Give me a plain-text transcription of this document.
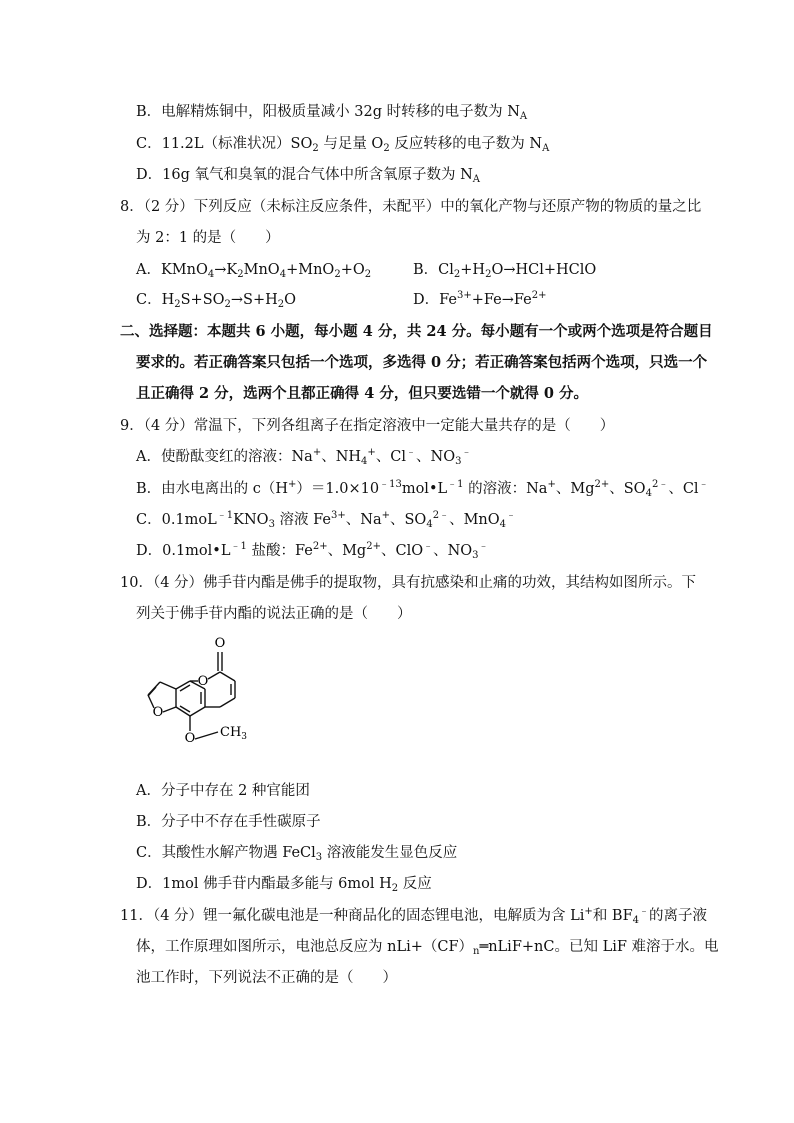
B．电解精炼铜中，阳极质量减小 32g 时转移的电子数为 $N_A$
C．11.2L（标准状况）$SO_2$ 与足量 $O_2$ 反应转移的电子数为 $N_A$
D．16g 氧气和臭氧的混合气体中所含氧原子数为 $N_A$
8．（2 分）下列反应（未标注反应条件，未配平）中的氧化产物与还原产物的物质的量之比
为 2：1 的是（　　）
A．$KMnO_4\to K_2MnO_4+MnO_2+O_2$	B．$Cl_2+H_2O\to HCl+HClO$
C．$H_2S+SO_2\to S+H_2O$	D．$Fe^{3+}+Fe\to Fe^{2+}$
二、选择题：本题共 6 小题，每小题 4 分，共 24 分。每小题有一个或两个选项是符合题目
要求的。若正确答案只包括一个选项，多选得 0 分；若正确答案包括两个选项，只选一个
且正确得 2 分，选两个且都正确得 4 分，但只要选错一个就得 0 分。
9．（4 分）常温下，下列各组离子在指定溶液中一定能大量共存的是（　　）
A．使酚酞变红的溶液：Na+、$NH_4^+$、Cl﹣、$NO_3^﹣$
B．由水电离出的 $c(H^+)=1.0\times 10^{﹣13}mol•L^{﹣1}$ 的溶液：Na+、$Mg^{2+}$、$SO_4^{2﹣}$、Cl﹣
C．$0.1moL^{﹣1}KNO_3$ 溶液 $Fe^{3+}$、Na+、$SO_4^{2﹣}$、MnO$_4$﹣
D．$0.1mol•L^{﹣1}$ 盐酸：$Fe^{2+}$、$Mg^{2+}$、ClO﹣、$NO_3^﹣$
10．（4 分）佛手苷内酯是佛手的提取物，具有抗感染和止痛的功效，其结构如图所示。下
列关于佛手苷内酯的说法正确的是（　　）
O
O
O
O $CH_3$
A．分子中存在 2 种官能团
B．分子中不存在手性碳原子
C．其酸性水解产物遇 FeCl$_3$ 溶液能发生显色反应
D．1mol 佛手苷内酯最多能与 6mol $H_2$ 反应
11．（4 分）锂一氟化碳电池是一种商品化的固态锂电池，电解质为含 Li+和 $BF_4^﹣$的离子液
体，工作原理如图所示，电池总反应为 $nLi+(CF)_n═nLiF+nC$。已知 LiF 难溶于水。电
池工作时，下列说法不正确的是（　　）
